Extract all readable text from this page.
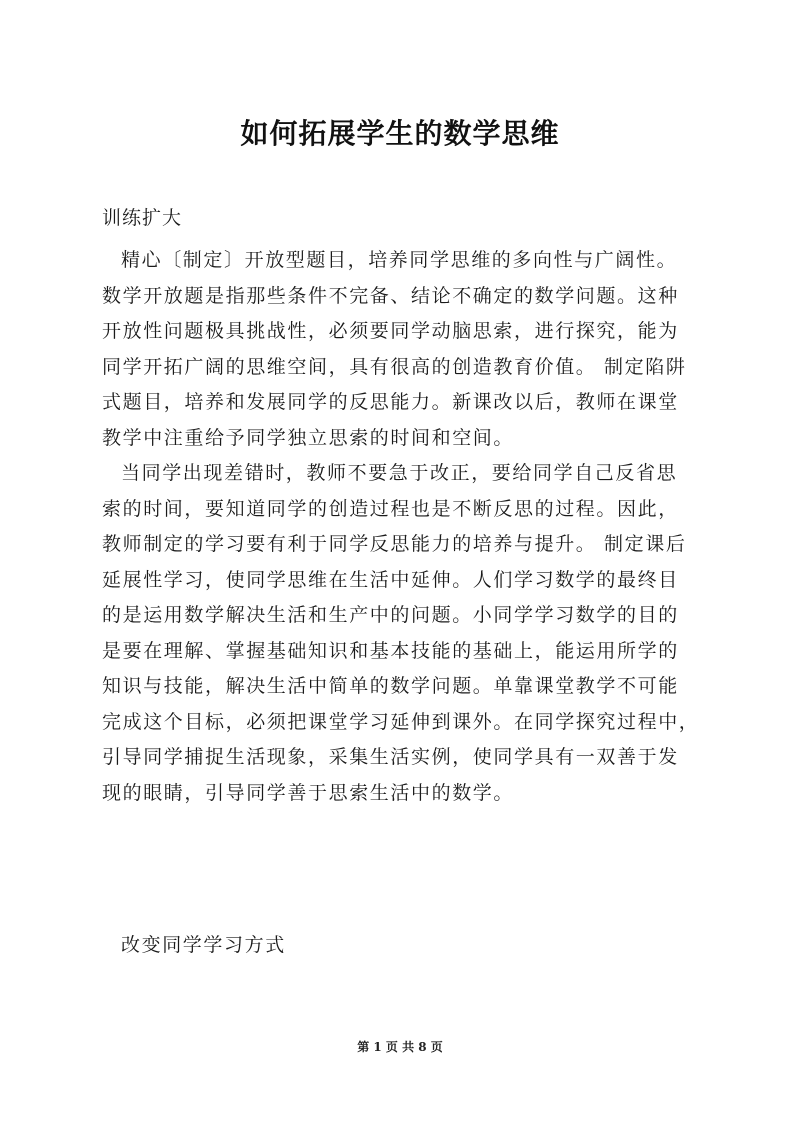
如何拓展学生的数学思维
训练扩大
精心〔制定〕开放型题目，培养同学思维的多向性与广阔性。
数学开放题是指那些条件不完备、结论不确定的数学问题。这种
开放性问题极具挑战性，必须要同学动脑思索，进行探究，能为
同学开拓广阔的思维空间，具有很高的创造教育价值。 制定陷阱
式题目，培养和发展同学的反思能力。新课改以后，教师在课堂
教学中注重给予同学独立思索的时间和空间。
当同学出现差错时，教师不要急于改正，要给同学自己反省思
索的时间，要知道同学的创造过程也是不断反思的过程。因此，
教师制定的学习要有利于同学反思能力的培养与提升。 制定课后
延展性学习，使同学思维在生活中延伸。人们学习数学的最终目
的是运用数学解决生活和生产中的问题。小同学学习数学的目的
是要在理解、掌握基础知识和基本技能的基础上，能运用所学的
知识与技能，解决生活中简单的数学问题。单靠课堂教学不可能
完成这个目标，必须把课堂学习延伸到课外。在同学探究过程中，
引导同学捕捉生活现象，采集生活实例，使同学具有一双善于发
现的眼睛，引导同学善于思索生活中的数学。
改变同学学习方式
第 1 页 共 8 页
